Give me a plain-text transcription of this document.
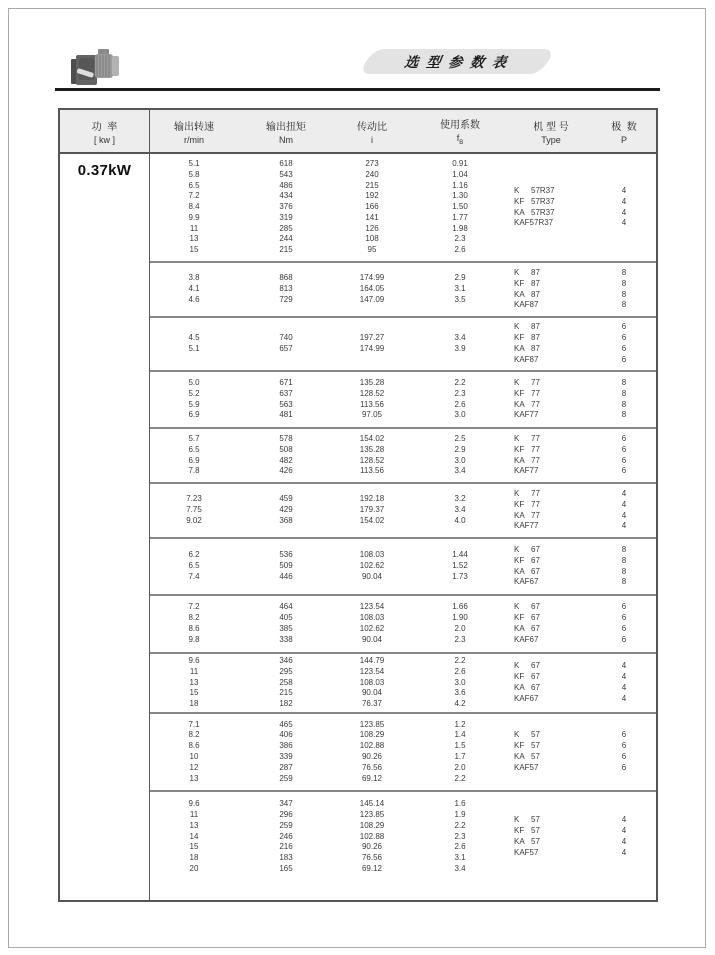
选 型 参 数 表
功  率
[ kw ]
输出转速
r/min
输出扭矩
Nm
传动比
i
使用系数
$f_B$
机 型 号
Type
极  数
P
0.37kW	5.1
5.8
6.5
7.2
8.4
9.9
11
13
15
618
543
486
434
376
319
285
244
215
273
240
215
192
166
141
126
108
95
0.91
1.04
1.16
1.30
1.50
1.77
1.98
2.3
2.6
K 57R37
KF 57R37
KA 57R37
KAF57R37
4
4
4
4
3.8
4.1
4.6
868
813
729
174.99
164.05
147.09
2.9
3.1
3.5
K 87
KF 87
KA 87
KAF87
8
8
8
8
4.5
5.1
740
657
197.27
174.99
3.4
3.9
K 87
KF 87
KA 87
KAF87
6
6
6
6
5.0
5.2
5.9
6.9
671
637
563
481
135.28
128.52
113.56
97.05
2.2
2.3
2.6
3.0
K 77
KF 77
KA 77
KAF77
8
8
8
8
5.7
6.5
6.9
7.8
578
508
482
426
154.02
135.28
128.52
113.56
2.5
2.9
3.0
3.4
K 77
KF 77
KA 77
KAF77
6
6
6
6
7.23
7.75
9.02
459
429
368
192.18
179.37
154.02
3.2
3.4
4.0
K 77
KF 77
KA 77
KAF77
4
4
4
4
6.2
6.5
7.4
536
509
446
108.03
102.62
90.04
1.44
1.52
1.73
K 67
KF 67
KA 67
KAF67
8
8
8
8
7.2
8.2
8.6
9.8
464
405
385
338
123.54
108.03
102.62
90.04
1.66
1.90
2.0
2.3
K 67
KF 67
KA 67
KAF67
6
6
6
6
9.6
11
13
15
18
346
295
258
215
182
144.79
123.54
108.03
90.04
76.37
2.2
2.6
3.0
3.6
4.2
K 67
KF 67
KA 67
KAF67
4
4
4
4
7.1
8.2
8.6
10
12
13
465
406
386
339
287
259
123.85
108.29
102.88
90.26
76.56
69.12
1.2
1.4
1.5
1.7
2.0
2.2
K 57
KF 57
KA 57
KAF57
6
6
6
6
9.6
11
13
14
15
18
20
347
296
259
246
216
183
165
145.14
123.85
108.29
102.88
90.26
76.56
69.12
1.6
1.9
2.2
2.3
2.6
3.1
3.4
K 57
KF 57
KA 57
KAF57
4
4
4
4
